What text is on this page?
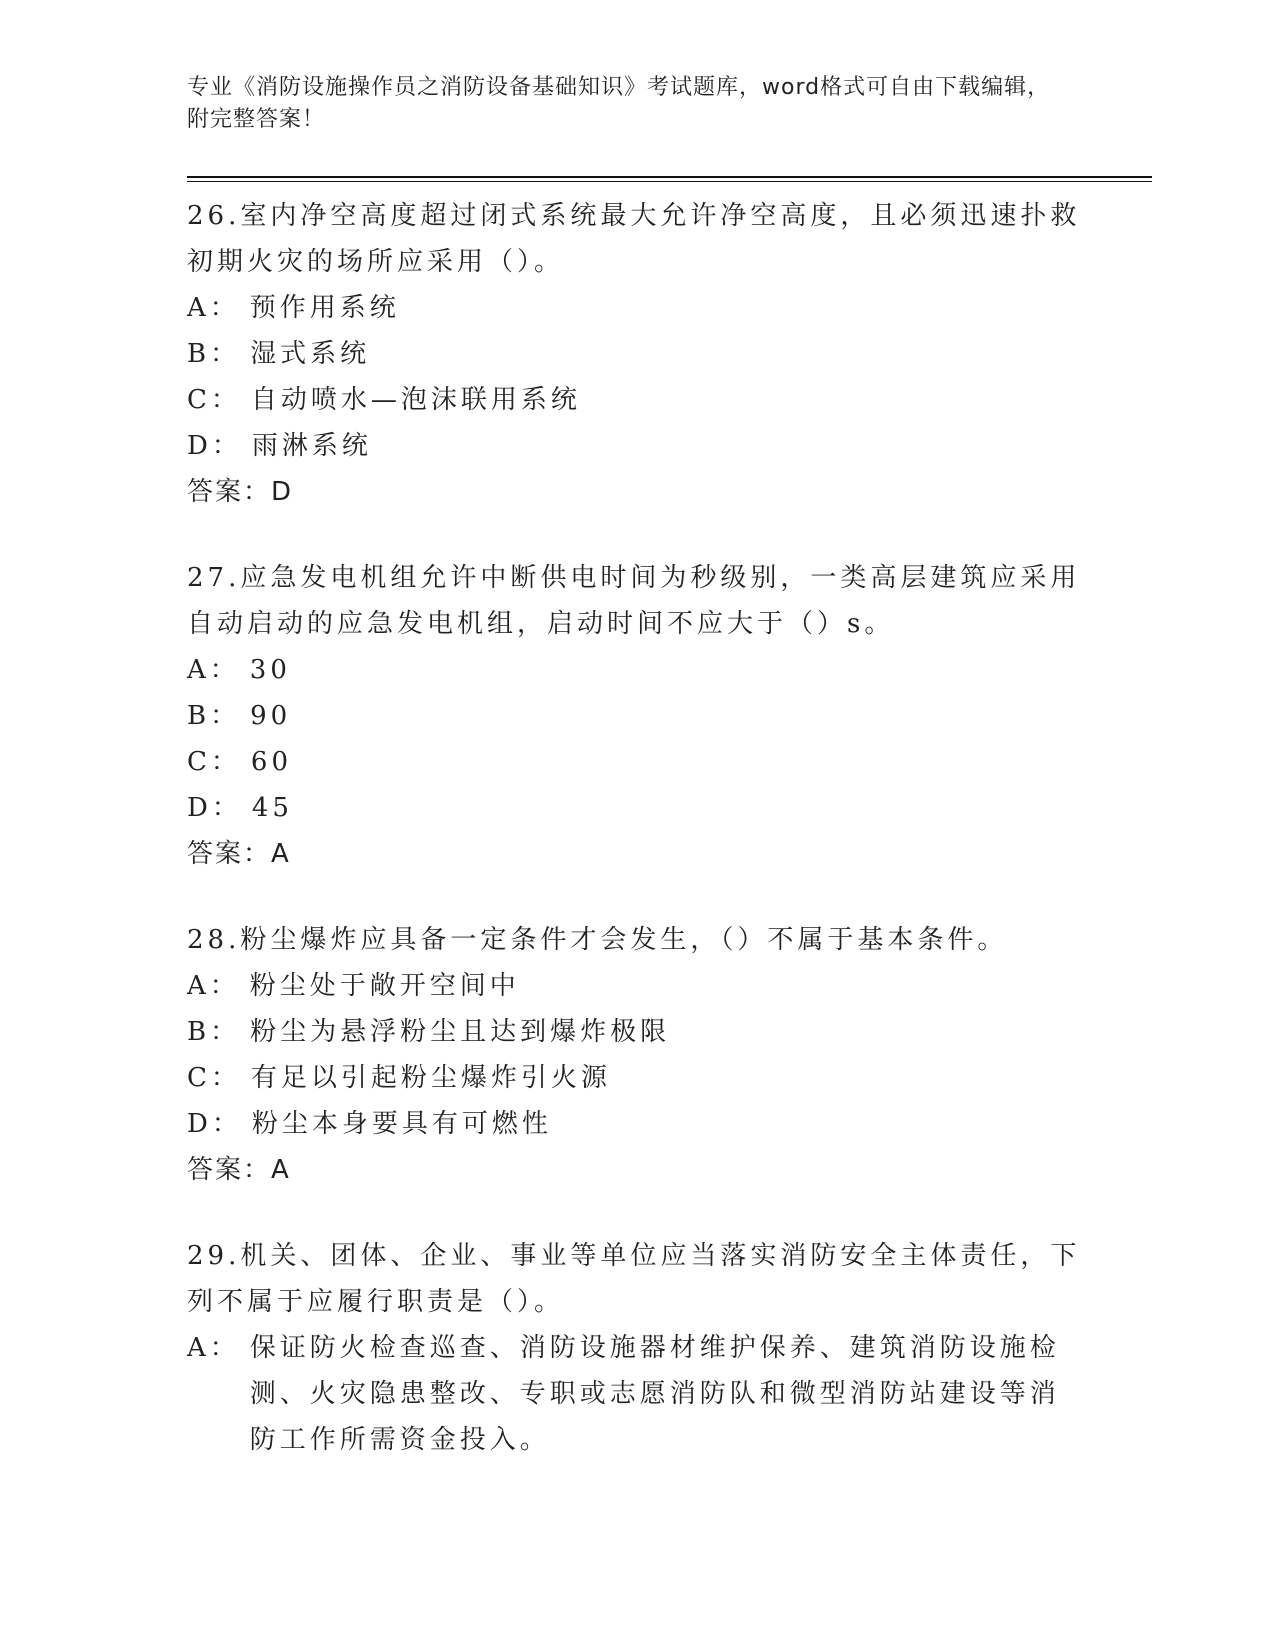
专业《消防设施操作员之消防设备基础知识》考试题库，word格式可自由下载编辑，附完整答案！
26.室内净空高度超过闭式系统最大允许净空高度，且必须迅速扑救初期火灾的场所应采用（）。
A： 预作用系统
B： 湿式系统
C： 自动喷水—泡沫联用系统
D： 雨淋系统
答案：D
27.应急发电机组允许中断供电时间为秒级别，一类高层建筑应采用自动启动的应急发电机组，启动时间不应大于（）s。
A： 30
B： 90
C： 60
D： 45
答案：A
28.粉尘爆炸应具备一定条件才会发生，（）不属于基本条件。
A： 粉尘处于敞开空间中
B： 粉尘为悬浮粉尘且达到爆炸极限
C： 有足以引起粉尘爆炸引火源
D： 粉尘本身要具有可燃性
答案：A
29.机关、团体、企业、事业等单位应当落实消防安全主体责任，下列不属于应履行职责是（）。
A： 保证防火检查巡查、消防设施器材维护保养、建筑消防设施检测、火灾隐患整改、专职或志愿消防队和微型消防站建设等消防工作所需资金投入。
